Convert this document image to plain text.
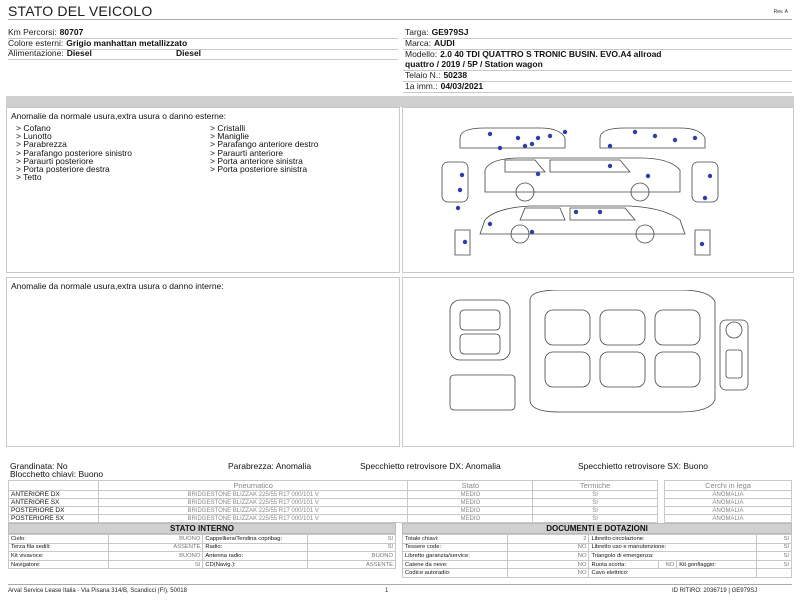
STATO DEL VEICOLO	Rev. A
Km Percorsi: 80707
Colore esterni: Grigio manhattan metallizzato
Alimentazione: Diesel	Diesel
Targa: GE979SJ
Marca: AUDI
Modello: 2.0 40 TDI QUATTRO S TRONIC BUSIN. EVO.A4 allroad
quattro / 2019 / 5P / Station wagon
Telaio N.: 50238
1a imm.: 04/03/2021
Anomalie da normale usura,extra usura o danno esterne:
> Cofano
> Lunotto
> Parabrezza
> Parafango posteriore sinistro
> Paraurti posteriore
> Porta posteriore destra
> Tetto
> Cristalli
> Maniglie
> Parafango anteriore destro
> Paraurti anteriore
> Porta anteriore sinistra
> Porta posteriore sinistra
Anomalie da normale usura,extra usura o danno interne:
Grandinata: No	Parabrezza: Anomalia	Specchietto retrovisore DX: Anomalia	Specchietto retrovisore SX: Buono
Blocchetto chiavi: Buono
	Pneumatico	Stato	Termiche
ANTERIORE DX	BRIDGESTONE BLIZZAK 225/55 R17 000/101 V	MEDIO	SI
ANTERIORE SX	BRIDGESTONE BLIZZAK 225/55 R17 000/101 V	MEDIO	SI
POSTERIORE DX	BRIDGESTONE BLIZZAK 225/55 R17 000/101 V	MEDIO	SI
POSTERIORE SX	BRIDGESTONE BLIZZAK 225/55 R17 000/101 V	MEDIO	SI
Cerchi in lega
ANOMALIA
ANOMALIA
ANOMALIA
ANOMALIA
STATO INTERNO
Cielo:	BUONO	Cappelliera/Tendina copribag:	SI
Terza fila sedili:	ASSENTE	Radio:	SI
Kit vivavoce:	BUONO	Antenna radio:	BUONO
Navigatore:	SI	CD(Navig.):	ASSENTE
DOCUMENTI E DOTAZIONI
Totale chiavi:	2	Libretto circolazione:			SI
Tessere code:	NO	Libretto uso e manutenzione:			SI
Libretto garanzia/service:	NO	Triangolo di emergenza:			SI
Catene da neve:	NO	Ruota scorta:	NO	Kit gonfiaggio:	SI
Codice autoradio:	NO	Cavo elettrico:			
Arval Service Lease Italia - Via Pisana 314/B, Scandicci (FI), 50018	1	ID RITIRO: 2036719 | GE979SJ
